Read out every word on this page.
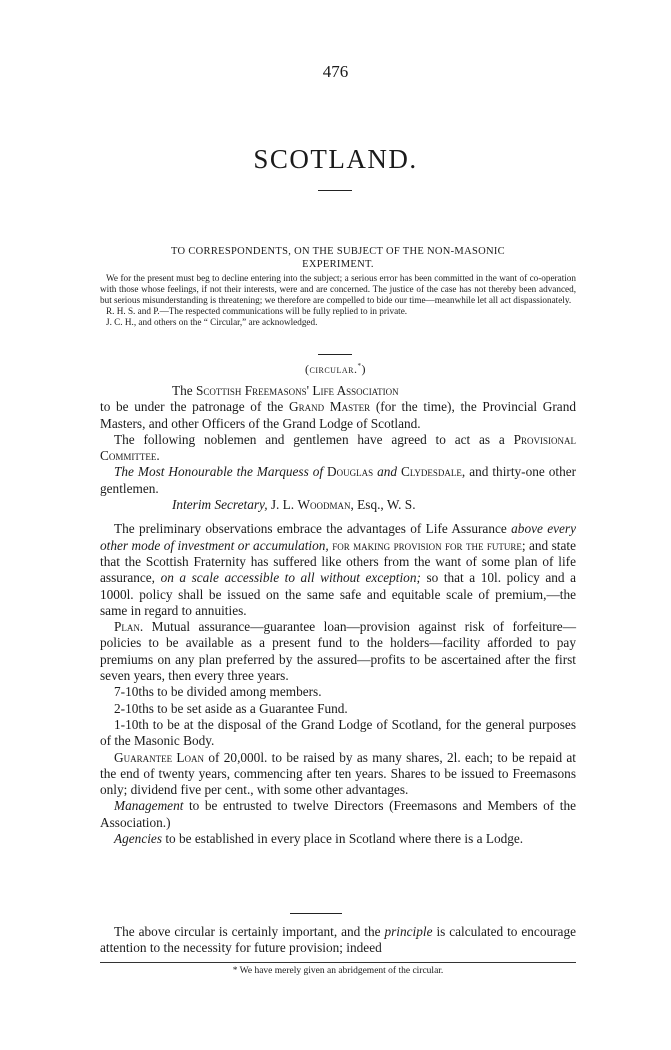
476
SCOTLAND.
TO CORRESPONDENTS, ON THE SUBJECT OF THE NON-MASONIC
EXPERIMENT.

We for the present must beg to decline entering into the subject; a serious error has been committed in the want of co-operation with those whose feelings, if not their interests, were and are concerned. The justice of the case has not thereby been advanced, but serious misunderstanding is threatening; we therefore are compelled to bide our time—meanwhile let all act dispassionately.

R. H. S. and P.—The respected communications will be fully replied to in private.

J. C. H., and others on the “ Circular,” are acknowledged.

(circular.*)

The Scottish Freemasons' Life Association

to be under the patronage of the Grand Master (for the time), the Provincial Grand Masters, and other Officers of the Grand Lodge of Scotland.

The following noblemen and gentlemen have agreed to act as a Provisional Committee.

The Most Honourable the Marquess of Douglas and Clydesdale, and thirty-one other gentlemen.

Interim Secretary, J. L. Woodman, Esq., W. S.

The preliminary observations embrace the advantages of Life Assurance above every other mode of investment or accumulation, for making provision for the future; and state that the Scottish Fraternity has suffered like others from the want of some plan of life assurance, on a scale accessible to all without exception; so that a 10l. policy and a 1000l. policy shall be issued on the same safe and equitable scale of premium,—the same in regard to annuities.

Plan. Mutual assurance—guarantee loan—provision against risk of forfeiture—policies to be available as a present fund to the holders—facility afforded to pay premiums on any plan preferred by the assured—profits to be ascertained after the first seven years, then every three years.

7-10ths to be divided among members.

2-10ths to be set aside as a Guarantee Fund.

1-10th to be at the disposal of the Grand Lodge of Scotland, for the general purposes of the Masonic Body.

Guarantee Loan of 20,000l. to be raised by as many shares, 2l. each; to be repaid at the end of twenty years, commencing after ten years. Shares to be issued to Freemasons only; dividend five per cent., with some other advantages.

Management to be entrusted to twelve Directors (Freemasons and Members of the Association.)

Agencies to be established in every place in Scotland where there is a Lodge.

The above circular is certainly important, and the principle is calculated to encourage attention to the necessity for future provision; indeed

* We have merely given an abridgement of the circular.
